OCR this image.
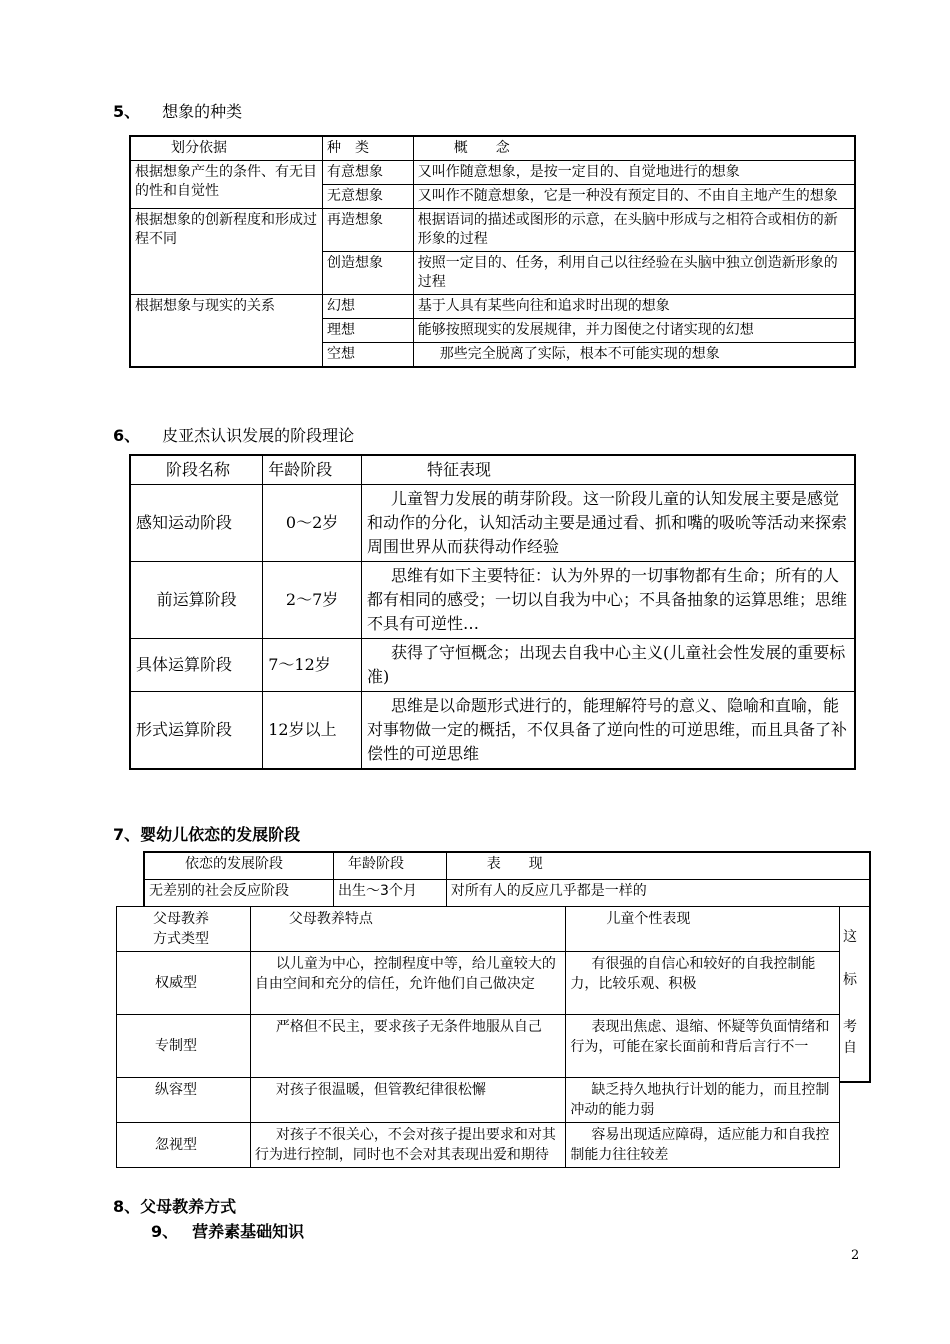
5、 想象的种类
划分依据	种　类	概　　念
根据想象产生的条件、有无目的性和自觉性	有意想象	又叫作随意想象，是按一定目的、自觉地进行的想象
	无意想象	又叫作不随意想象，它是一种没有预定目的、不由自主地产生的想象
根据想象的创新程度和形成过程不同	再造想象	根据语词的描述或图形的示意，在头脑中形成与之相符合或相仿的新形象的过程
	创造想象	按照一定目的、任务，利用自己以往经验在头脑中独立创造新形象的过程
根据想象与现实的关系	幻想	基于人具有某些向往和追求时出现的想象
	理想	能够按照现实的发展规律，并力图使之付诸实现的幻想
	空想	那些完全脱离了实际，根本不可能实现的想象
6、 皮亚杰认识发展的阶段理论
阶段名称	年龄阶段	特征表现
感知运动阶段	0～2岁	儿童智力发展的萌芽阶段。这一阶段儿童的认知发展主要是感觉和动作的分化，认知活动主要是通过看、抓和嘴的吸吮等活动来探索周围世界从而获得动作经验
前运算阶段	2～7岁	思维有如下主要特征：认为外界的一切事物都有生命；所有的人都有相同的感受；一切以自我为中心；不具备抽象的运算思维；思维不具有可逆性…
具体运算阶段	7～12岁	获得了守恒概念；出现去自我中心主义(儿童社会性发展的重要标准)
形式运算阶段	12岁以上	思维是以命题形式进行的，能理解符号的意义、隐喻和直喻，能对事物做一定的概括，不仅具备了逆向性的可逆思维，而且具备了补偿性的可逆思维
7、婴幼儿依恋的发展阶段
依恋的发展阶段	年龄阶段	表　　现
无差别的社会反应阶段	出生～3个月	对所有人的反应几乎都是一样的

这
标
考
自
父母教养
方式类型	父母教养特点	儿童个性表现
权威型	以儿童为中心，控制程度中等，给儿童较大的自由空间和充分的信任，允许他们自己做决定	有很强的自信心和较好的自我控制能力，比较乐观、积极
专制型	严格但不民主，要求孩子无条件地服从自己	表现出焦虑、退缩、怀疑等负面情绪和行为，可能在家长面前和背后言行不一
纵容型	对孩子很温暖，但管教纪律很松懈	缺乏持久地执行计划的能力，而且控制冲动的能力弱
忽视型	对孩子不很关心，不会对孩子提出要求和对其行为进行控制，同时也不会对其表现出爱和期待	容易出现适应障碍，适应能力和自我控制能力往往较差
8、父母教养方式
9、 营养素基础知识
2
